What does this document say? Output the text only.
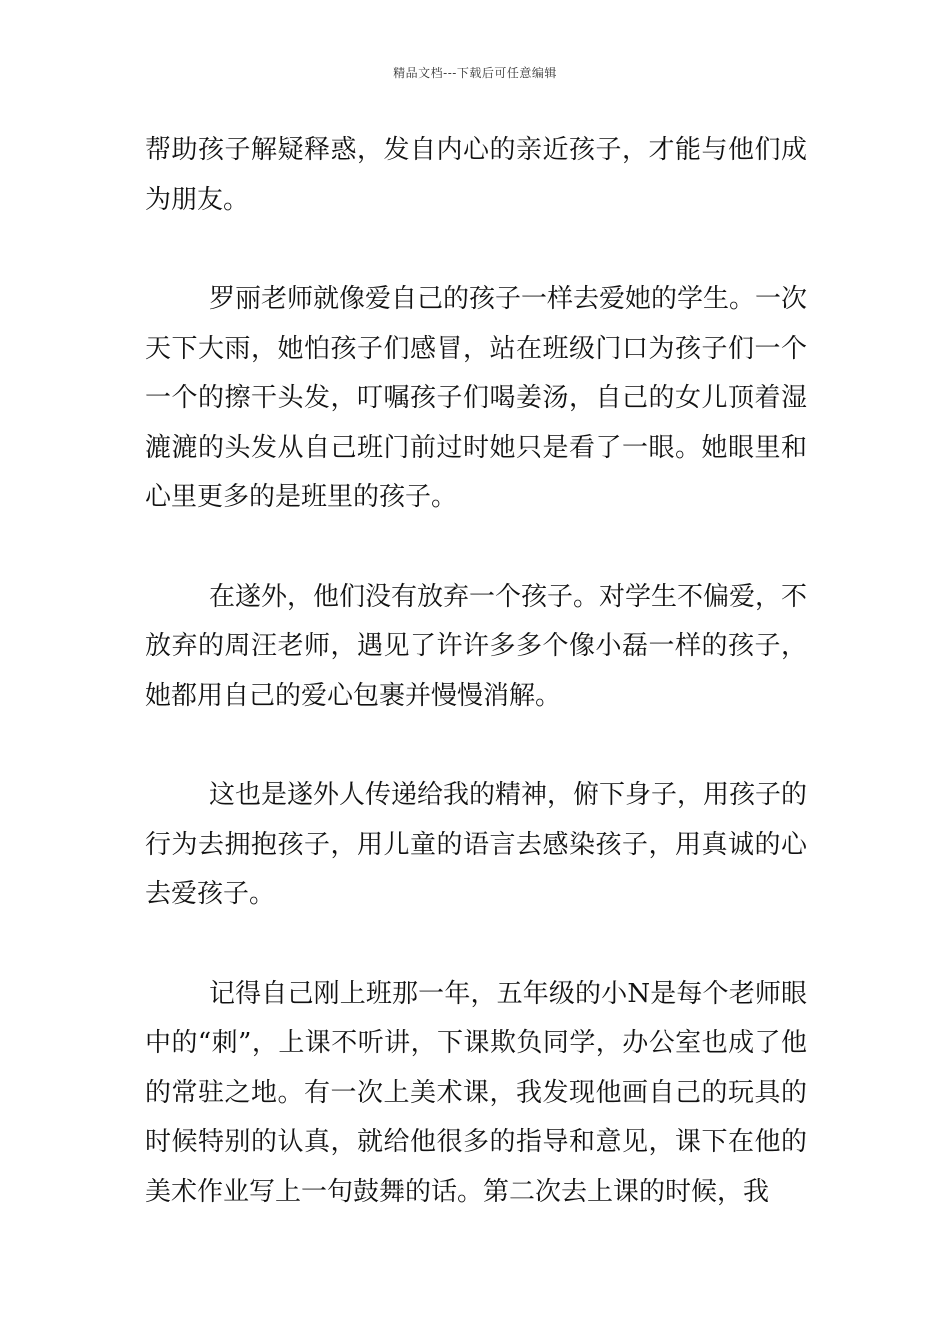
精品文档---下载后可任意编辑

帮助孩子解疑释惑，发自内心的亲近孩子，才能与他们成为朋友。

罗丽老师就像爱自己的孩子一样去爱她的学生。一次天下大雨，她怕孩子们感冒，站在班级门口为孩子们一个一个的擦干头发，叮嘱孩子们喝姜汤，自己的女儿顶着湿漉漉的头发从自己班门前过时她只是看了一眼。她眼里和心里更多的是班里的孩子。

在遂外，他们没有放弃一个孩子。对学生不偏爱，不放弃的周汪老师，遇见了许许多多个像小磊一样的孩子，她都用自己的爱心包裹并慢慢消解。

这也是遂外人传递给我的精神，俯下身子，用孩子的行为去拥抱孩子，用儿童的语言去感染孩子，用真诚的心去爱孩子。

记得自己刚上班那一年，五年级的小N是每个老师眼中的“刺”，上课不听讲，下课欺负同学，办公室也成了他的常驻之地。有一次上美术课，我发现他画自己的玩具的时候特别的认真，就给他很多的指导和意见，课下在他的美术作业写上一句鼓舞的话。第二次去上课的时候，我
